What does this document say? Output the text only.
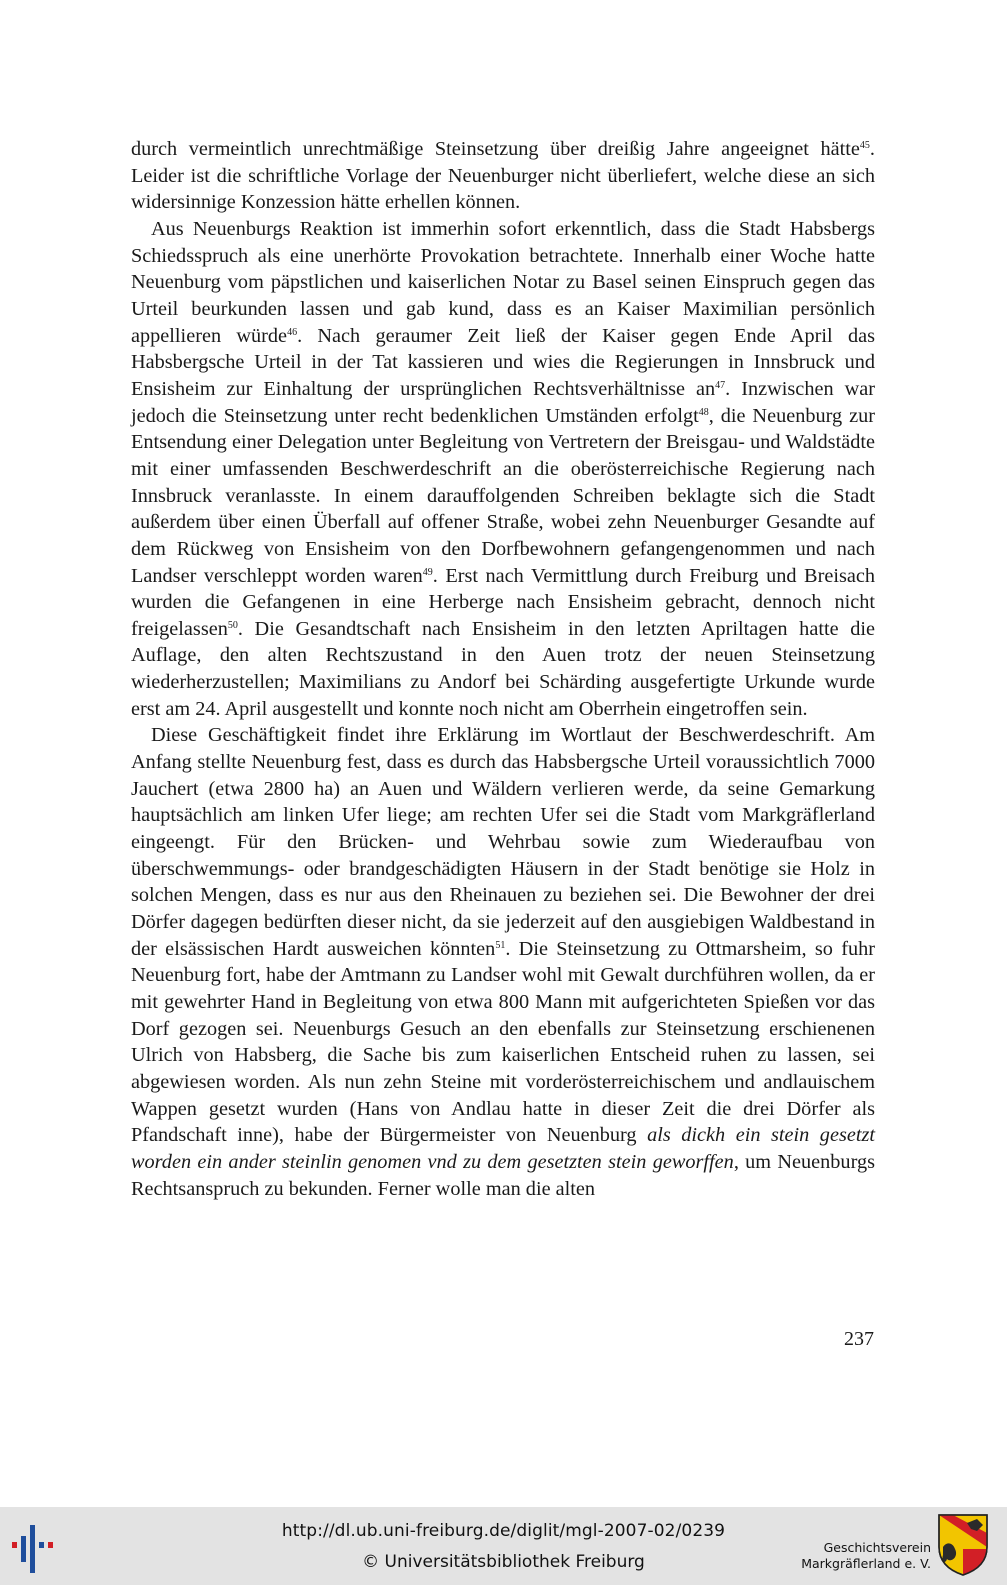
durch vermeintlich unrechtmäßige Steinsetzung über dreißig Jahre angeeignet hätte$^{45}$. Leider ist die schriftliche Vorlage der Neuenburger nicht überliefert, welche diese an sich widersinnige Konzession hätte erhellen können.

Aus Neuenburgs Reaktion ist immerhin sofort erkenntlich, dass die Stadt Habsbergs Schiedsspruch als eine unerhörte Provokation betrachtete. Innerhalb einer Woche hatte Neuenburg vom päpstlichen und kaiserlichen Notar zu Basel seinen Einspruch gegen das Urteil beurkunden lassen und gab kund, dass es an Kaiser Maximilian persönlich appellieren würde$^{46}$. Nach geraumer Zeit ließ der Kaiser gegen Ende April das Habsbergsche Urteil in der Tat kassieren und wies die Regierungen in Innsbruck und Ensisheim zur Einhaltung der ursprünglichen Rechtsverhältnisse $an^{47}$. Inzwischen war jedoch die Steinsetzung unter recht bedenklichen Umständen erfolgt$^{48}$, die Neuenburg zur Entsendung einer Delegation unter Begleitung von Vertretern der Breisgau- und Waldstädte mit einer umfassenden Beschwerdeschrift an die oberösterreichische Regierung nach Innsbruck veranlasste. In einem darauffolgenden Schreiben beklagte sich die Stadt außerdem über einen Überfall auf offener Straße, wobei zehn Neuenburger Gesandte auf dem Rückweg von Ensisheim von den Dorfbewohnern gefangengenommen und nach Landser verschleppt worden waren$^{49}$. Erst nach Vermittlung durch Freiburg und Breisach wurden die Gefangenen in eine Herberge nach Ensisheim gebracht, dennoch nicht freigelassen$^{50}$. Die Gesandtschaft nach Ensisheim in den letzten Apriltagen hatte die Auflage, den alten Rechtszustand in den Auen trotz der neuen Steinsetzung wiederherzustellen; Maximilians zu Andorf bei Schärding ausgefertigte Urkunde wurde erst am 24. April ausgestellt und konnte noch nicht am Oberrhein eingetroffen sein.

Diese Geschäftigkeit findet ihre Erklärung im Wortlaut der Beschwerdeschrift. Am Anfang stellte Neuenburg fest, dass es durch das Habsbergsche Urteil voraussichtlich 7000 Jauchert (etwa 2800 ha) an Auen und Wäldern verlieren werde, da seine Gemarkung hauptsächlich am linken Ufer liege; am rechten Ufer sei die Stadt vom Markgräflerland eingeengt. Für den Brücken- und Wehrbau sowie zum Wiederaufbau von überschwemmungs- oder brandgeschädigten Häusern in der Stadt benötige sie Holz in solchen Mengen, dass es nur aus den Rheinauen zu beziehen sei. Die Bewohner der drei Dörfer dagegen bedürften dieser nicht, da sie jederzeit auf den ausgiebigen Waldbestand in der elsässischen Hardt ausweichen könnten$^{51}$. Die Steinsetzung zu Ottmarsheim, so fuhr Neuenburg fort, habe der Amtmann zu Landser wohl mit Gewalt durchführen wollen, da er mit gewehrter Hand in Begleitung von etwa 800 Mann mit aufgerichteten Spießen vor das Dorf gezogen sei. Neuenburgs Gesuch an den ebenfalls zur Steinsetzung erschienenen Ulrich von Habsberg, die Sache bis zum kaiserlichen Entscheid ruhen zu lassen, sei abgewiesen worden. Als nun zehn Steine mit vorderösterreichischem und andlauischem Wappen gesetzt wurden (Hans von Andlau hatte in dieser Zeit die drei Dörfer als Pfandschaft inne), habe der Bürgermeister von Neuenburg als dickh ein stein gesetzt worden ein ander steinlin genomen vnd zu dem gesetzten stein geworffen, um Neuenburgs Rechtsanspruch zu bekunden. Ferner wolle man die alten

237
http://dl.ub.uni-freiburg.de/diglit/mgl-2007-02/0239
© Universitätsbibliothek Freiburg
Geschichtsverein
Markgräflerland e. V.
